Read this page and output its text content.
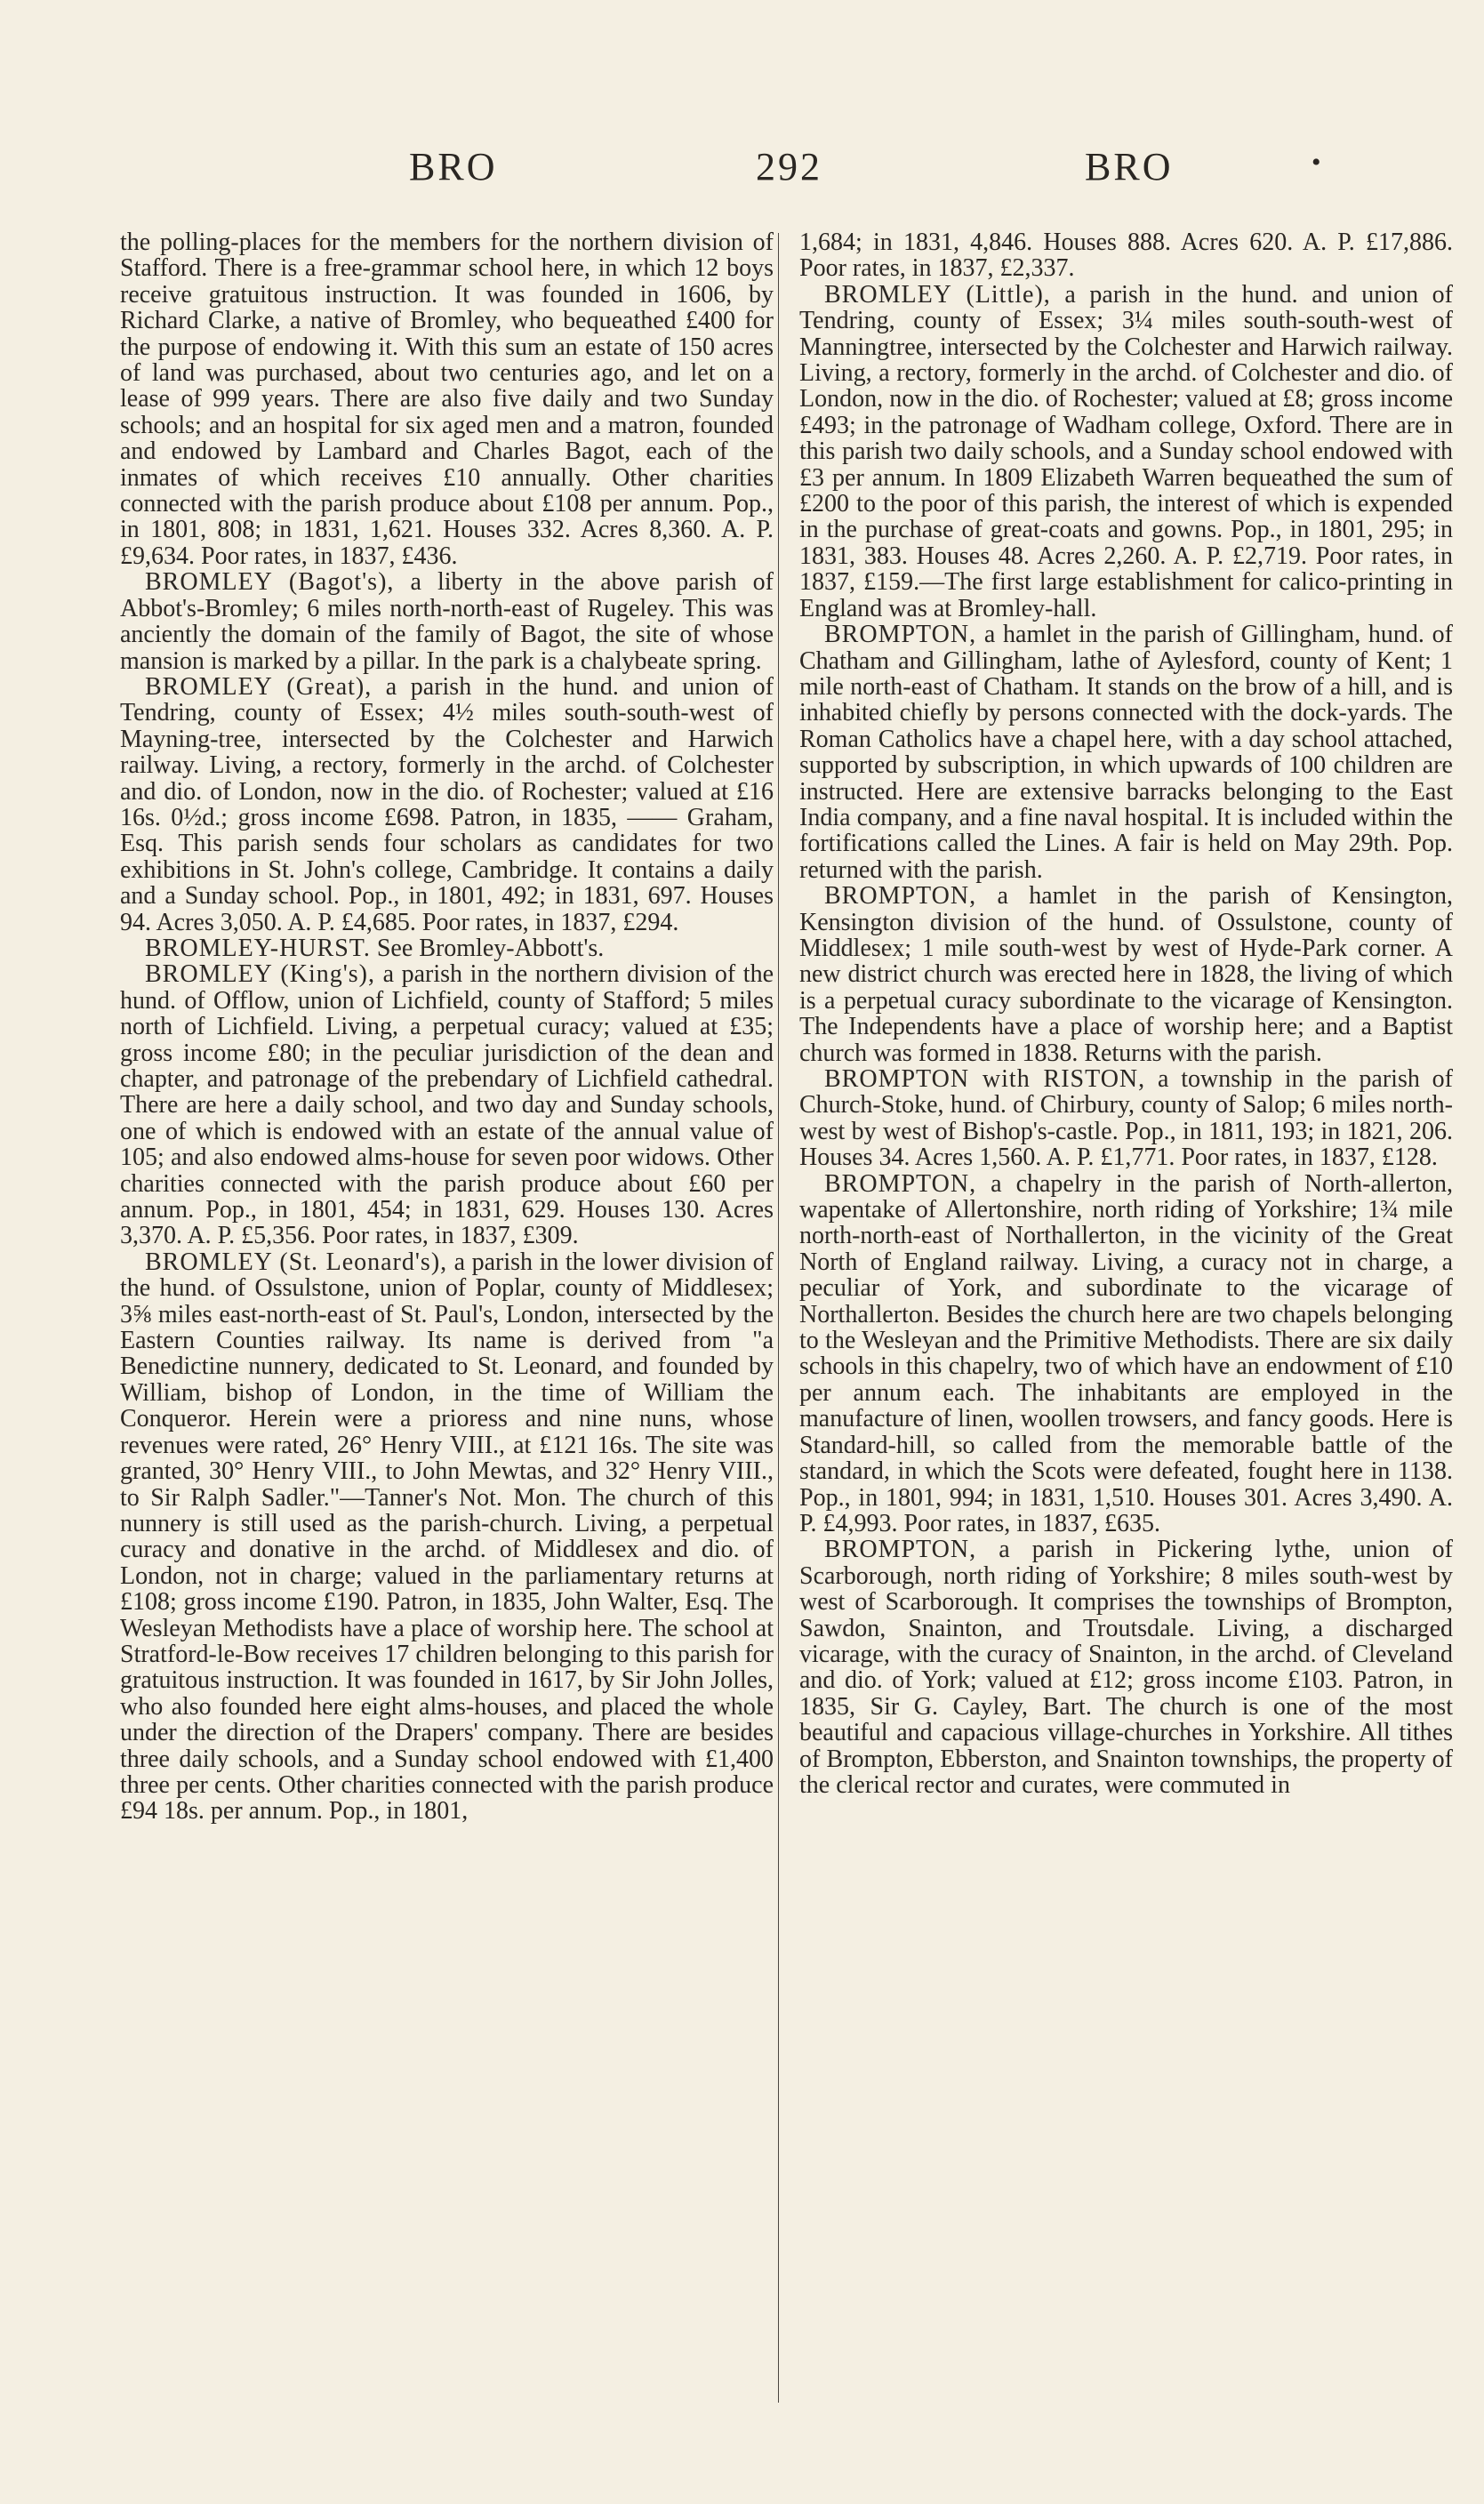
BRO	292	BRO	•

the polling-places for the members for the northern division of Stafford. There is a free-grammar school here, in which 12 boys receive gratuitous instruction. It was founded in 1606, by Richard Clarke, a native of Bromley, who bequeathed £400 for the purpose of endowing it. With this sum an estate of 150 acres of land was purchased, about two centuries ago, and let on a lease of 999 years. There are also five daily and two Sunday schools; and an hospital for six aged men and a matron, founded and endowed by Lambard and Charles Bagot, each of the inmates of which receives £10 annually. Other charities connected with the parish produce about £108 per annum. Pop., in 1801, 808; in 1831, 1,621. Houses 332. Acres 8,360. A. P. £9,634. Poor rates, in 1837, £436.

BROMLEY (Bagot's), a liberty in the above parish of Abbot's-Bromley; 6 miles north-north-east of Rugeley. This was anciently the domain of the family of Bagot, the site of whose mansion is marked by a pillar. In the park is a chalybeate spring.

BROMLEY (Great), a parish in the hund. and union of Tendring, county of Essex; 4½ miles south-south-west of Mayning-tree, intersected by the Colchester and Harwich railway. Living, a rectory, formerly in the archd. of Colchester and dio. of London, now in the dio. of Rochester; valued at £16 16s. 0½d.; gross income £698. Patron, in 1835, —— Graham, Esq. This parish sends four scholars as candidates for two exhibitions in St. John's college, Cambridge. It contains a daily and a Sunday school. Pop., in 1801, 492; in 1831, 697. Houses 94. Acres 3,050. A. P. £4,685. Poor rates, in 1837, £294.

BROMLEY-HURST. See Bromley-Abbott's.

BROMLEY (King's), a parish in the northern division of the hund. of Offlow, union of Lichfield, county of Stafford; 5 miles north of Lichfield. Living, a perpetual curacy; valued at £35; gross income £80; in the peculiar jurisdiction of the dean and chapter, and patronage of the prebendary of Lichfield cathedral. There are here a daily school, and two day and Sunday schools, one of which is endowed with an estate of the annual value of 105; and also endowed alms-house for seven poor widows. Other charities connected with the parish produce about £60 per annum. Pop., in 1801, 454; in 1831, 629. Houses 130. Acres 3,370. A. P. £5,356. Poor rates, in 1837, £309.

BROMLEY (St. Leonard's), a parish in the lower division of the hund. of Ossulstone, union of Poplar, county of Middlesex; 3⅝ miles east-north-east of St. Paul's, London, intersected by the Eastern Counties railway. Its name is derived from "a Benedictine nunnery, dedicated to St. Leonard, and founded by William, bishop of London, in the time of William the Conqueror. Herein were a prioress and nine nuns, whose revenues were rated, 26° Henry VIII., at £121 16s. The site was granted, 30° Henry VIII., to John Mewtas, and 32° Henry VIII., to Sir Ralph Sadler."—Tanner's Not. Mon. The church of this nunnery is still used as the parish-church. Living, a perpetual curacy and donative in the archd. of Middlesex and dio. of London, not in charge; valued in the parliamentary returns at £108; gross income £190. Patron, in 1835, John Walter, Esq. The Wesleyan Methodists have a place of worship here. The school at Stratford-le-Bow receives 17 children belonging to this parish for gratuitous instruction. It was founded in 1617, by Sir John Jolles, who also founded here eight alms-houses, and placed the whole under the direction of the Drapers' company. There are besides three daily schools, and a Sunday school endowed with £1,400 three per cents. Other charities connected with the parish produce £94 18s. per annum. Pop., in 1801,

1,684; in 1831, 4,846. Houses 888. Acres 620. A. P. £17,886. Poor rates, in 1837, £2,337.

BROMLEY (Little), a parish in the hund. and union of Tendring, county of Essex; 3¼ miles south-south-west of Manningtree, intersected by the Colchester and Harwich railway. Living, a rectory, formerly in the archd. of Colchester and dio. of London, now in the dio. of Rochester; valued at £8; gross income £493; in the patronage of Wadham college, Oxford. There are in this parish two daily schools, and a Sunday school endowed with £3 per annum. In 1809 Elizabeth Warren bequeathed the sum of £200 to the poor of this parish, the interest of which is expended in the purchase of great-coats and gowns. Pop., in 1801, 295; in 1831, 383. Houses 48. Acres 2,260. A. P. £2,719. Poor rates, in 1837, £159.—The first large establishment for calico-printing in England was at Bromley-hall.

BROMPTON, a hamlet in the parish of Gillingham, hund. of Chatham and Gillingham, lathe of Aylesford, county of Kent; 1 mile north-east of Chatham. It stands on the brow of a hill, and is inhabited chiefly by persons connected with the dock-yards. The Roman Catholics have a chapel here, with a day school attached, supported by subscription, in which upwards of 100 children are instructed. Here are extensive barracks belonging to the East India company, and a fine naval hospital. It is included within the fortifications called the Lines. A fair is held on May 29th. Pop. returned with the parish.

BROMPTON, a hamlet in the parish of Kensington, Kensington division of the hund. of Ossulstone, county of Middlesex; 1 mile south-west by west of Hyde-Park corner. A new district church was erected here in 1828, the living of which is a perpetual curacy subordinate to the vicarage of Kensington. The Independents have a place of worship here; and a Baptist church was formed in 1838. Returns with the parish.

BROMPTON with RISTON, a township in the parish of Church-Stoke, hund. of Chirbury, county of Salop; 6 miles north-west by west of Bishop's-castle. Pop., in 1811, 193; in 1821, 206. Houses 34. Acres 1,560. A. P. £1,771. Poor rates, in 1837, £128.

BROMPTON, a chapelry in the parish of North-allerton, wapentake of Allertonshire, north riding of Yorkshire; 1¾ mile north-north-east of Northallerton, in the vicinity of the Great North of England railway. Living, a curacy not in charge, a peculiar of York, and subordinate to the vicarage of Northallerton. Besides the church here are two chapels belonging to the Wesleyan and the Primitive Methodists. There are six daily schools in this chapelry, two of which have an endowment of £10 per annum each. The inhabitants are employed in the manufacture of linen, woollen trowsers, and fancy goods. Here is Standard-hill, so called from the memorable battle of the standard, in which the Scots were defeated, fought here in 1138. Pop., in 1801, 994; in 1831, 1,510. Houses 301. Acres 3,490. A. P. £4,993. Poor rates, in 1837, £635.

BROMPTON, a parish in Pickering lythe, union of Scarborough, north riding of Yorkshire; 8 miles south-west by west of Scarborough. It comprises the townships of Brompton, Sawdon, Snainton, and Troutsdale. Living, a discharged vicarage, with the curacy of Snainton, in the archd. of Cleveland and dio. of York; valued at £12; gross income £103. Patron, in 1835, Sir G. Cayley, Bart. The church is one of the most beautiful and capacious village-churches in Yorkshire. All tithes of Brompton, Ebberston, and Snainton townships, the property of the clerical rector and curates, were commuted in
